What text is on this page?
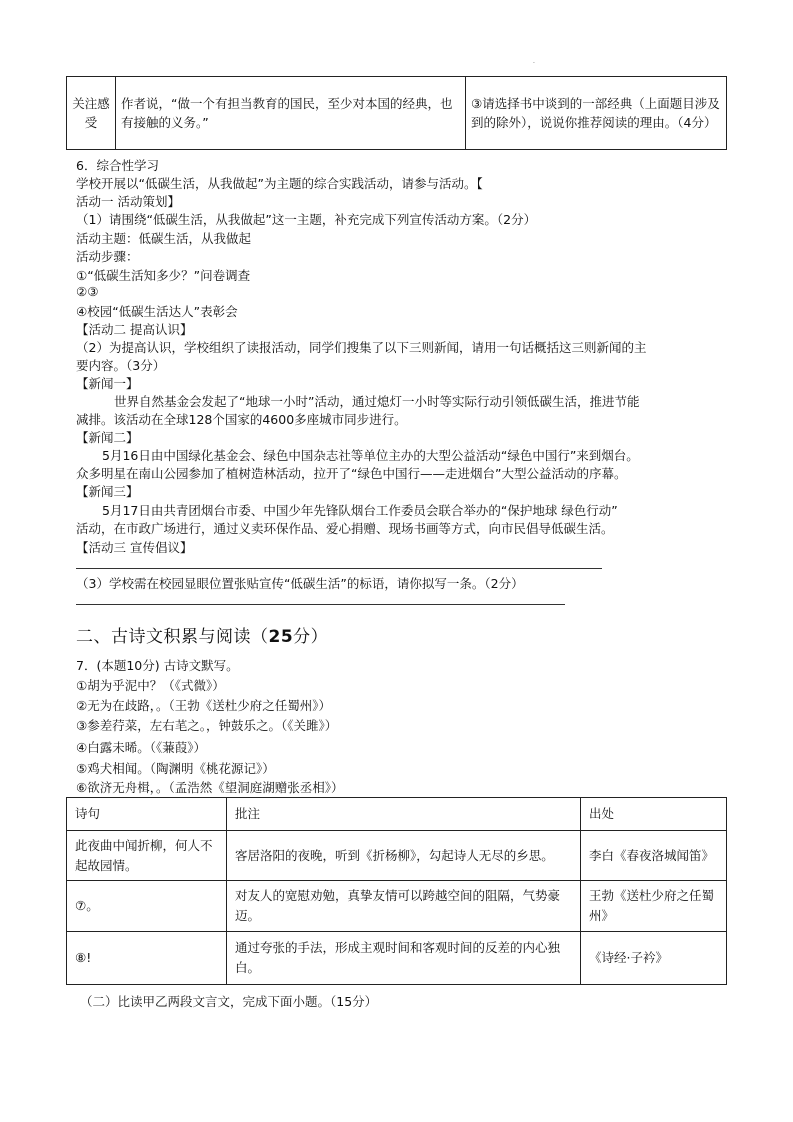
.
关注感受	作者说，“做一个有担当教育的国民，至少对本国的经典，也有接触的义务。”	③请选择书中谈到的一部经典（上面题目涉及到的除外），说说你推荐阅读的理由。（4分）
6．综合性学习
学校开展以“低碳生活，从我做起”为主题的综合实践活动，请参与活动。【
活动一 活动策划】
（1）请围绕“低碳生活，从我做起”这一主题，补充完成下列宣传活动方案。（2分）
活动主题：低碳生活，从我做起
活动步骤：
①“低碳生活知多少？”问卷调查
②③
④校园“低碳生活达人”表彰会
【活动二 提高认识】
（2）为提高认识，学校组织了读报活动，同学们搜集了以下三则新闻，请用一句话概括这三则新闻的主
要内容。（3分）
【新闻一】
世界自然基金会发起了“地球一小时”活动，通过熄灯一小时等实际行动引领低碳生活，推进节能
减排。该活动在全球128个国家的4600多座城市同步进行。
【新闻二】
5月16日由中国绿化基金会、绿色中国杂志社等单位主办的大型公益活动“绿色中国行”来到烟台。
众多明星在南山公园参加了植树造林活动，拉开了“绿色中国行——走进烟台”大型公益活动的序幕。
【新闻三】
5月17日由共青团烟台市委、中国少年先锋队烟台工作委员会联合举办的“保护地球 绿色行动”
活动，在市政广场进行，通过义卖环保作品、爱心捐赠、现场书画等方式，向市民倡导低碳生活。
【活动三 宣传倡议】
（3）学校需在校园显眼位置张贴宣传“低碳生活”的标语，请你拟写一条。（2分）
二、古诗文积累与阅读（25分）
7．(本题10分) 古诗文默写。
①胡为乎泥中？（《式微》）
②无为在歧路，。（王勃《送杜少府之任蜀州》）
③参差荇菜，左右芼之。，钟鼓乐之。（《关雎》）
④白露未晞。（《蒹葭》）
⑤鸡犬相闻。（陶渊明《桃花源记》）
⑥欲济无舟楫，。（孟浩然《望洞庭湖赠张丞相》）
诗句	批注	出处
此夜曲中闻折柳，何人不起故园情。	客居洛阳的夜晚，听到《折杨柳》，勾起诗人无尽的乡思。	李白《春夜洛城闻笛》
⑦。	对友人的宽慰劝勉，真挚友情可以跨越空间的阻隔，气势豪迈。	王勃《送杜少府之任蜀州》
⑧!	通过夸张的手法，形成主观时间和客观时间的反差的内心独白。	《诗经·子衿》
（二）比读甲乙两段文言文，完成下面小题。（15分）
